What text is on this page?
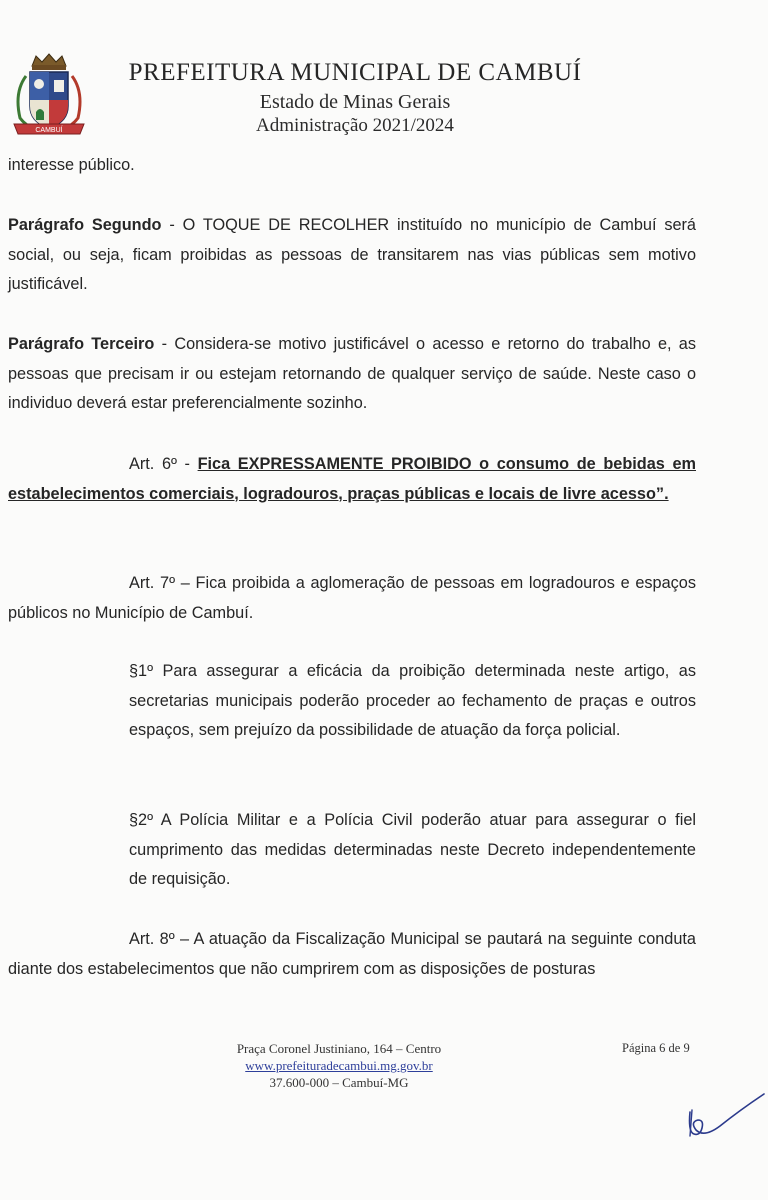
CAMBUÍ
PREFEITURA MUNICIPAL DE CAMBUÍ
Estado de Minas Gerais
Administração 2021/2024
interesse público.
Parágrafo Segundo - O TOQUE DE RECOLHER instituído no município de Cambuí será social, ou seja, ficam proibidas as pessoas de transitarem nas vias públicas sem motivo justificável.
Parágrafo Terceiro - Considera-se motivo justificável o acesso e retorno do trabalho e, as pessoas que precisam ir ou estejam retornando de qualquer serviço de saúde. Neste caso o individuo deverá estar preferencialmente sozinho.
Art. 6º - Fica EXPRESSAMENTE PROIBIDO o consumo de bebidas em estabelecimentos comerciais, logradouros, praças públicas e locais de livre acesso”.
Art. 7º – Fica proibida a aglomeração de pessoas em logradouros e espaços públicos no Município de Cambuí.
§1º Para assegurar a eficácia da proibição determinada neste artigo, as secretarias municipais poderão proceder ao fechamento de praças e outros espaços, sem prejuízo da possibilidade de atuação da força policial.
§2º A Polícia Militar e a Polícia Civil poderão atuar para assegurar o fiel cumprimento das medidas determinadas neste Decreto independentemente de requisição.
Art. 8º – A atuação da Fiscalização Municipal se pautará na seguinte conduta diante dos estabelecimentos que não cumprirem com as disposições de posturas
Praça Coronel Justiniano, 164 – Centro
www.prefeituradecambui.mg.gov.br
37.600-000 – Cambuí-MG
Página 6 de 9
